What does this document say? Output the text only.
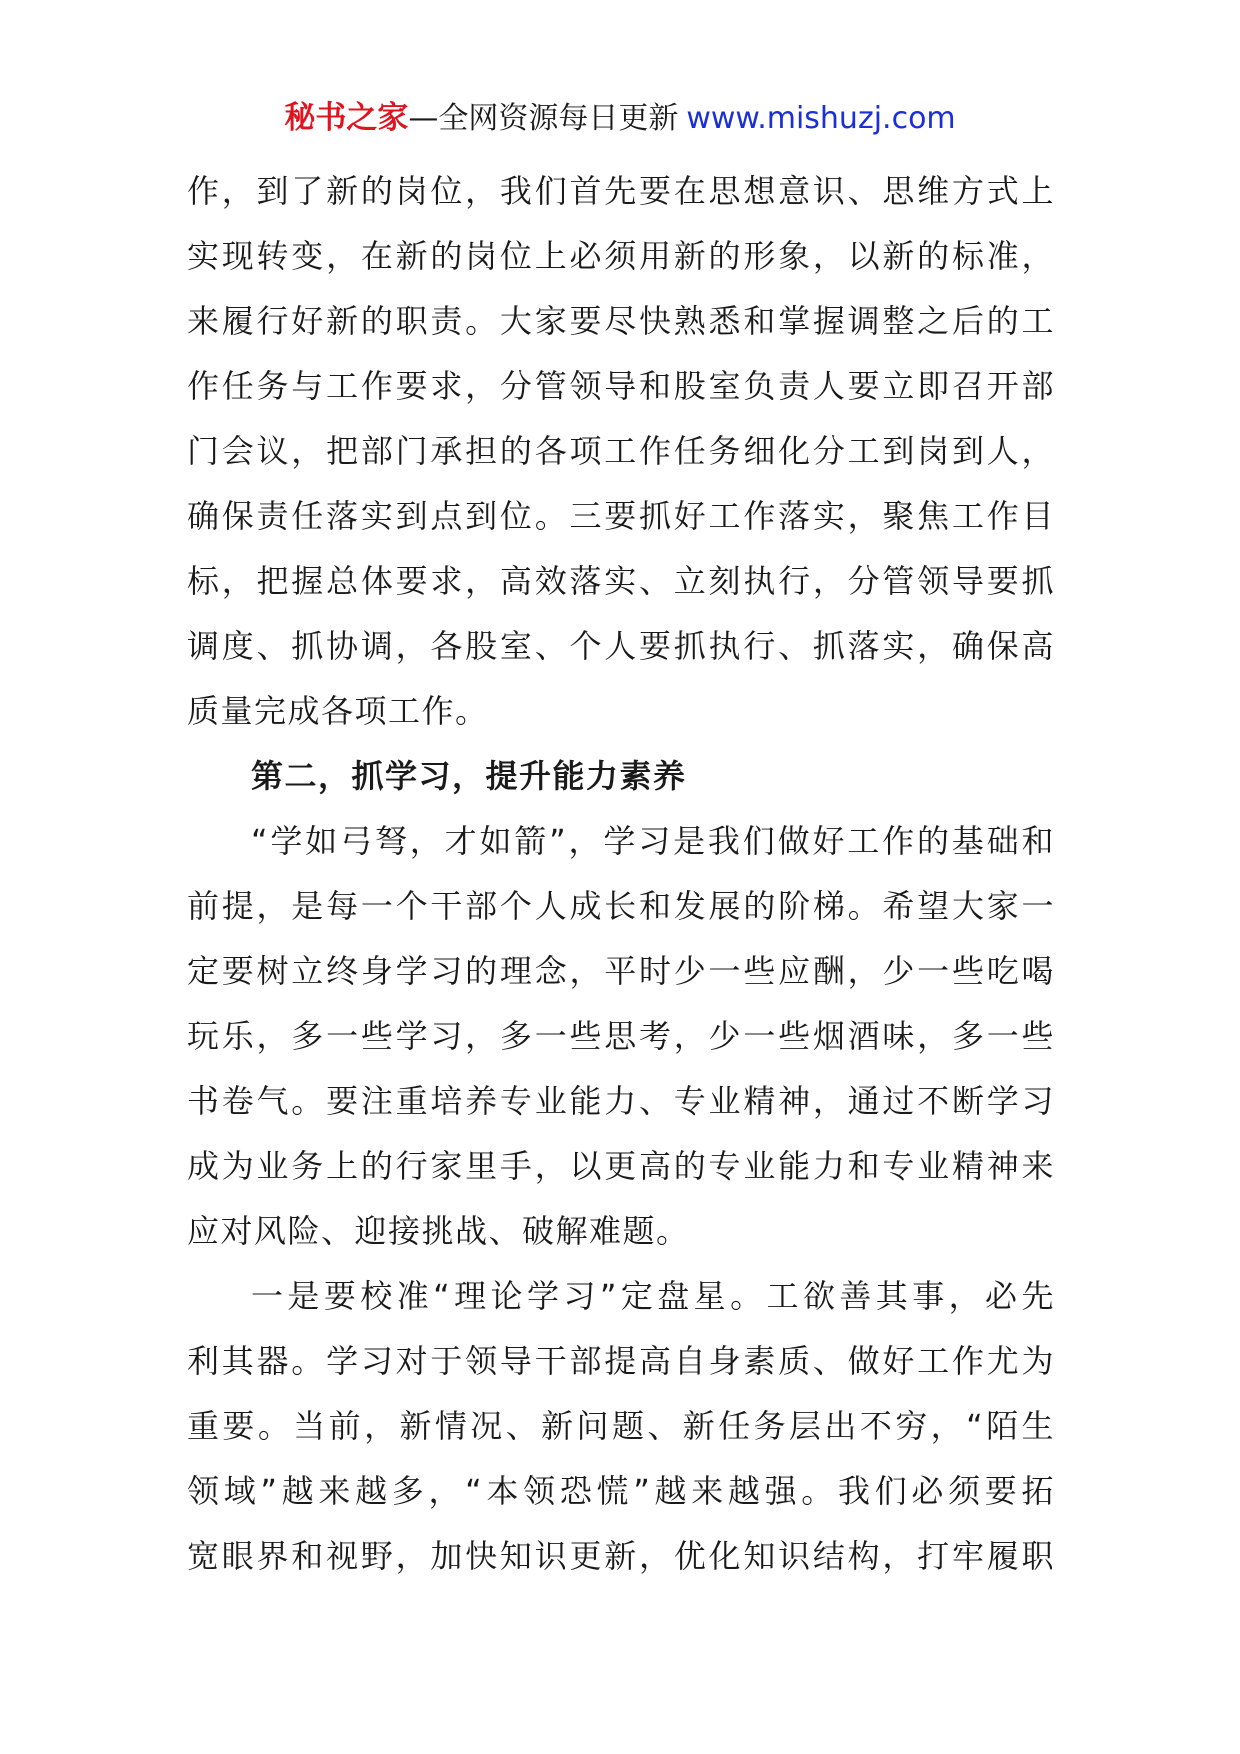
秘书之家—全网资源每日更新 www.mishuzj.com

作，到了新的岗位，我们首先要在思想意识、思维方式上

实现转变，在新的岗位上必须用新的形象，以新的标准，

来履行好新的职责。大家要尽快熟悉和掌握调整之后的工

作任务与工作要求，分管领导和股室负责人要立即召开部

门会议，把部门承担的各项工作任务细化分工到岗到人，

确保责任落实到点到位。三要抓好工作落实，聚焦工作目

标，把握总体要求，高效落实、立刻执行，分管领导要抓

调度、抓协调，各股室、个人要抓执行、抓落实，确保高

质量完成各项工作。

第二，抓学习，提升能力素养

“学如弓弩，才如箭”，学习是我们做好工作的基础和

前提，是每一个干部个人成长和发展的阶梯。希望大家一

定要树立终身学习的理念，平时少一些应酬，少一些吃喝

玩乐，多一些学习，多一些思考，少一些烟酒味，多一些

书卷气。要注重培养专业能力、专业精神，通过不断学习

成为业务上的行家里手，以更高的专业能力和专业精神来

应对风险、迎接挑战、破解难题。

一是要校准“理论学习”定盘星。工欲善其事，必先

利其器。学习对于领导干部提高自身素质、做好工作尤为

重要。当前，新情况、新问题、新任务层出不穷，“陌生

领域”越来越多，“本领恐慌”越来越强。我们必须要拓

宽眼界和视野，加快知识更新，优化知识结构，打牢履职
